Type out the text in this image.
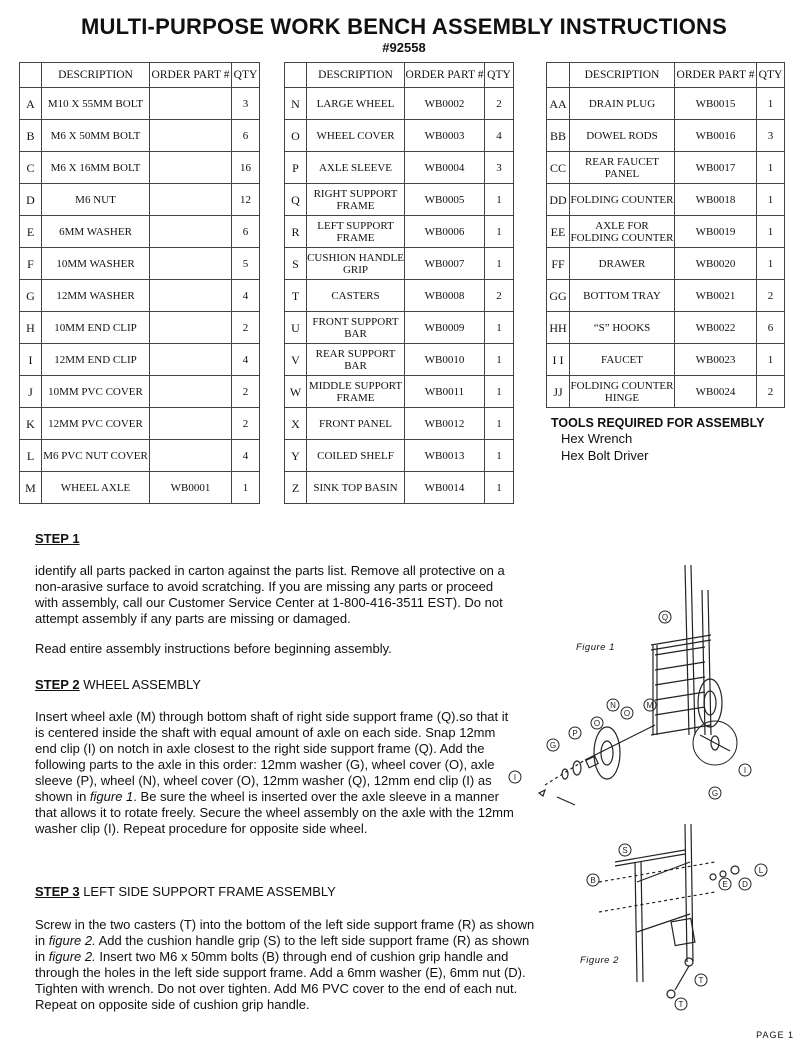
MULTI-PURPOSE WORK BENCH ASSEMBLY INSTRUCTIONS
#92558
	DESCRIPTION	ORDER PART #	QTY
A	M10 X 55MM BOLT		3
B	M6 X 50MM BOLT		6
C	M6 X 16MM BOLT		16
D	M6 NUT		12
E	6MM WASHER		6
F	10MM WASHER		5
G	12MM WASHER		4
H	10MM END CLIP		2
I	12MM END CLIP		4
J	10MM PVC COVER		2
K	12MM PVC COVER		2
L	M6 PVC NUT COVER		4
M	WHEEL AXLE	WB0001	1
	DESCRIPTION	ORDER PART #	QTY
N	LARGE WHEEL	WB0002	2
O	WHEEL COVER	WB0003	4
P	AXLE SLEEVE	WB0004	3
Q	RIGHT SUPPORT FRAME	WB0005	1
R	LEFT SUPPORT FRAME	WB0006	1
S	CUSHION HANDLE GRIP	WB0007	1
T	CASTERS	WB0008	2
U	FRONT SUPPORT BAR	WB0009	1
V	REAR SUPPORT BAR	WB0010	1
W	MIDDLE SUPPORT FRAME	WB0011	1
X	FRONT PANEL	WB0012	1
Y	COILED SHELF	WB0013	1
Z	SINK TOP BASIN	WB0014	1
	DESCRIPTION	ORDER PART #	QTY
AA	DRAIN PLUG	WB0015	1
BB	DOWEL RODS	WB0016	3
CC	REAR FAUCET PANEL	WB0017	1
DD	FOLDING COUNTER	WB0018	1
EE	AXLE FOR FOLDING COUNTER	WB0019	1
FF	DRAWER	WB0020	1
GG	BOTTOM TRAY	WB0021	2
HH	“S” HOOKS	WB0022	6
I I	FAUCET	WB0023	1
JJ	FOLDING COUNTER HINGE	WB0024	2
TOOLS REQUIRED FOR ASSEMBLY
Hex Wrench
Hex Bolt Driver
STEP 1
identify all parts packed in carton against the parts list. Remove all protective on a non-arasive surface to avoid scratching. If you are missing any parts or proceed with assembly, call our Customer Service Center at 1-800-416-3511 EST). Do not attempt assembly if any parts are missing or damaged.
Read entire assembly instructions before beginning assembly.
STEP 2 WHEEL ASSEMBLY
Insert wheel axle (M) through bottom shaft of right side support frame (Q).so that it is centered inside the shaft with equal amount of axle on each side. Snap 12mm end clip (I) on notch in axle closest to the right side support frame (Q). Add the following parts to the axle in this order: 12mm washer (G), wheel cover (O), axle sleeve (P), wheel (N), wheel cover (O), 12mm washer (Q), 12mm end clip (I) as shown in figure 1. Be sure the wheel is inserted over the axle sleeve in a manner that allows it to rotate freely. Secure the wheel assembly on the axle with the 12mm washer clip (I). Repeat procedure for opposite side wheel.
STEP 3 LEFT SIDE SUPPORT FRAME ASSEMBLY
Screw in the two casters (T) into the bottom of the left side support frame (R) as shown in figure 2. Add the cushion handle grip (S) to the left side support frame (R) as shown in figure 2. Insert two M6 x 50mm bolts (B) through end of cushion grip handle and through the holes in the left side support frame. Add a 6mm washer (E), 6mm nut (D). Tighten with wrench. Do not over tighten. Add M6 PVC cover to the end of each nut. Repeat on opposite side of cushion grip handle.
Figure 1
Figure 2
Q
N
O
P
G
I
O
M
I
G
S
B	E D
L
T
T
PAGE 1
